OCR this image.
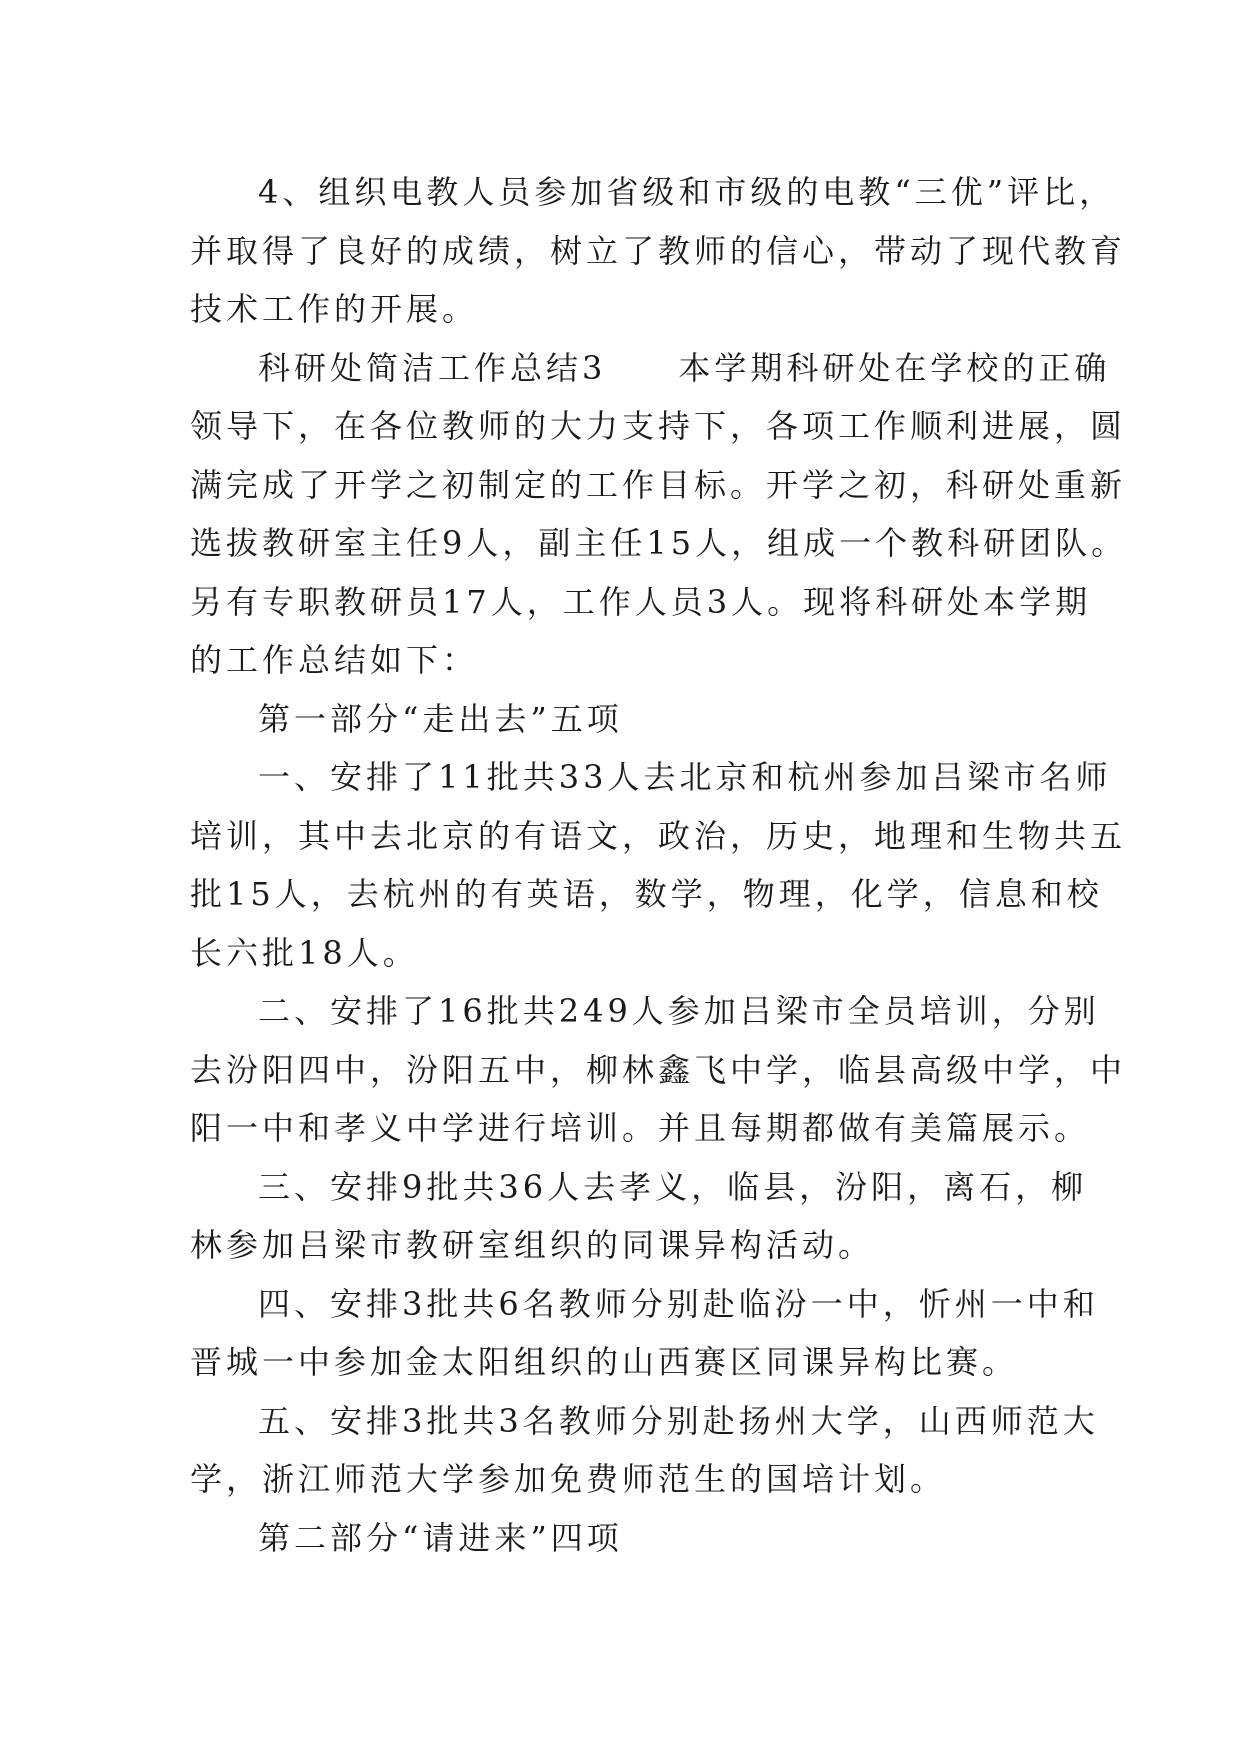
4、组织电教人员参加省级和市级的电教“三优”评比，
并取得了良好的成绩，树立了教师的信心，带动了现代教育
技术工作的开展。
科研处简洁工作总结3　　本学期科研处在学校的正确
领导下，在各位教师的大力支持下，各项工作顺利进展，圆
满完成了开学之初制定的工作目标。开学之初，科研处重新
选拔教研室主任9人，副主任15人，组成一个教科研团队。
另有专职教研员17人，工作人员3人。现将科研处本学期
的工作总结如下：
第一部分“走出去”五项
一、安排了11批共33人去北京和杭州参加吕梁市名师
培训，其中去北京的有语文，政治，历史，地理和生物共五
批15人，去杭州的有英语，数学，物理，化学，信息和校
长六批18人。
二、安排了16批共249人参加吕梁市全员培训，分别
去汾阳四中，汾阳五中，柳林鑫飞中学，临县高级中学，中
阳一中和孝义中学进行培训。并且每期都做有美篇展示。
三、安排9批共36人去孝义，临县，汾阳，离石，柳
林参加吕梁市教研室组织的同课异构活动。
四、安排3批共6名教师分别赴临汾一中，忻州一中和
晋城一中参加金太阳组织的山西赛区同课异构比赛。
五、安排3批共3名教师分别赴扬州大学，山西师范大
学，浙江师范大学参加免费师范生的国培计划。
第二部分“请进来”四项
